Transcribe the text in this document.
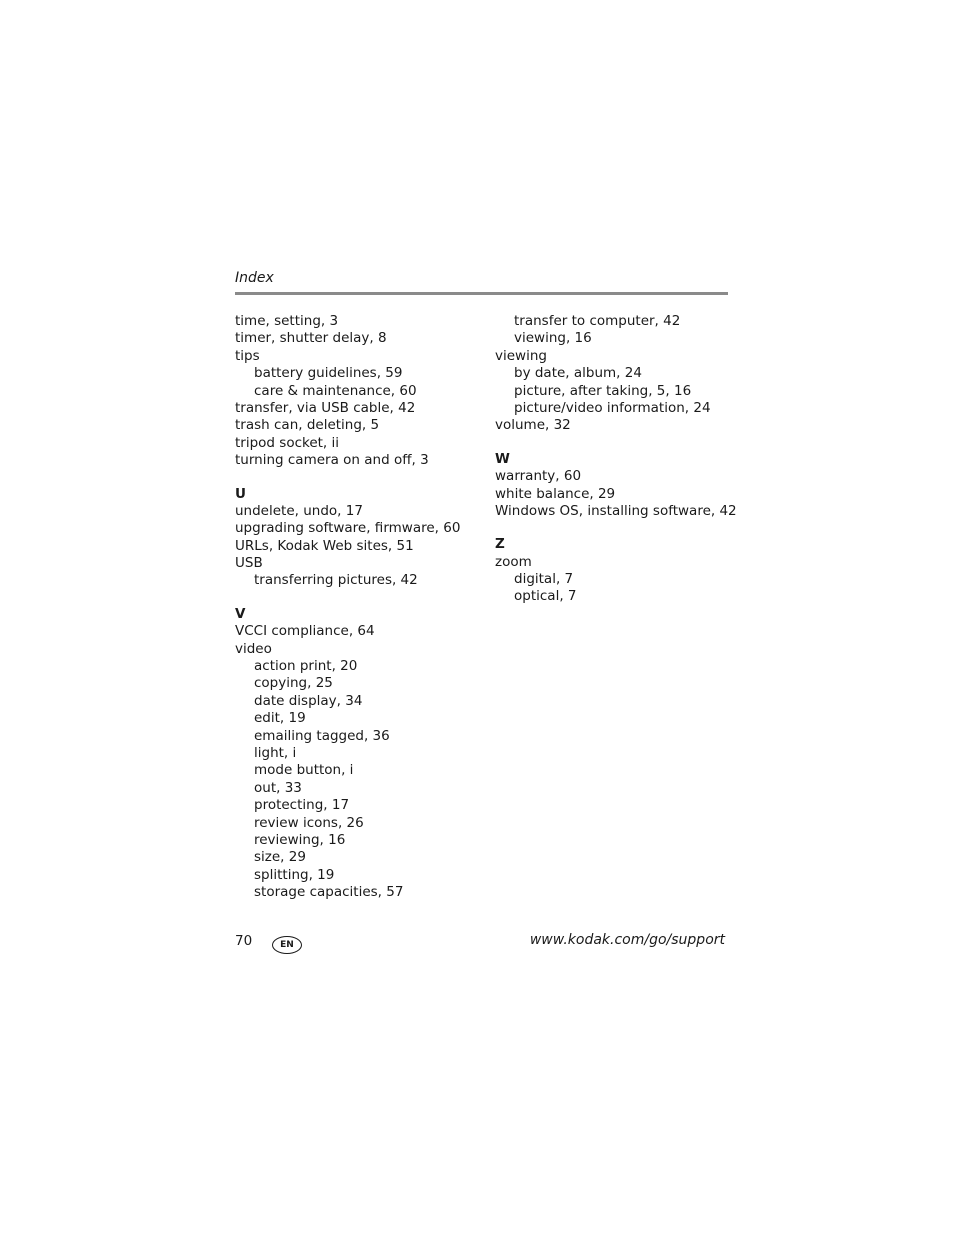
Index
time, setting, 3
timer, shutter delay, 8
tips
battery guidelines, 59
care & maintenance, 60
transfer, via USB cable, 42
trash can, deleting, 5
tripod socket, ii
turning camera on and off, 3
U
undelete, undo, 17
upgrading software, firmware, 60
URLs, Kodak Web sites, 51
USB
transferring pictures, 42
V
VCCI compliance, 64
video
action print, 20
copying, 25
date display, 34
edit, 19
emailing tagged, 36
light, i
mode button, i
out, 33
protecting, 17
review icons, 26
reviewing, 16
size, 29
splitting, 19
storage capacities, 57
transfer to computer, 42
viewing, 16
viewing
by date, album, 24
picture, after taking, 5, 16
picture/video information, 24
volume, 32
W
warranty, 60
white balance, 29
Windows OS, installing software, 42
Z
zoom
digital, 7
optical, 7
70	EN	www.kodak.com/go/support
